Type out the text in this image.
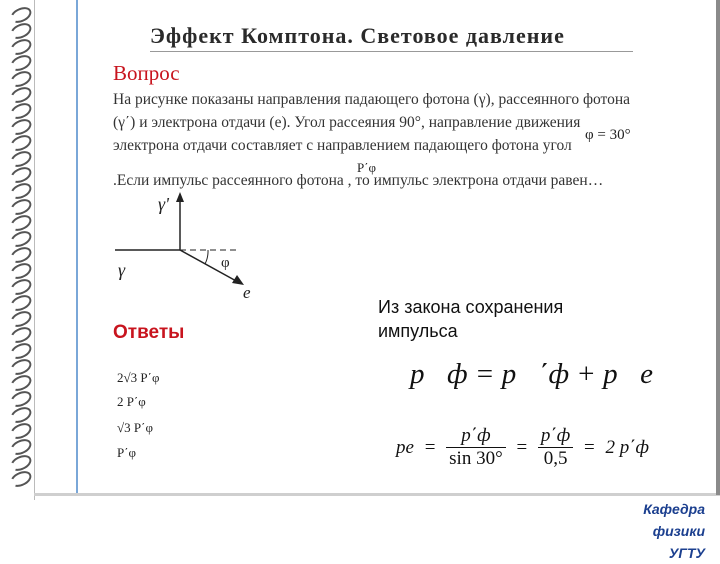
Эффект Комптона. Световое давление
Вопрос
На рисунке показаны направления падающего фотона (γ), рассеянного фотона
(γ΄) и электрона отдачи (e). Угол рассеяния 90°, направление движения
электрона отдачи составляет с направлением падающего фотона угол
φ = 30°
P΄φ
.Если импульс рассеянного фотона , то импульс электрона отдачи равен…
γ'
γ	φ
e
Из закона сохранения
импульса
Ответы
2√3 P΄φ
2 P΄φ
√3 P΄φ
P΄φ
p⃗ф = p⃗΄ф + p⃗e
pe = $\frac{p΄ф}{\sin 30^\circ} = \frac{p΄ф}{0,5} = 2$ p΄ф
Кафедра физики
УГТУ
